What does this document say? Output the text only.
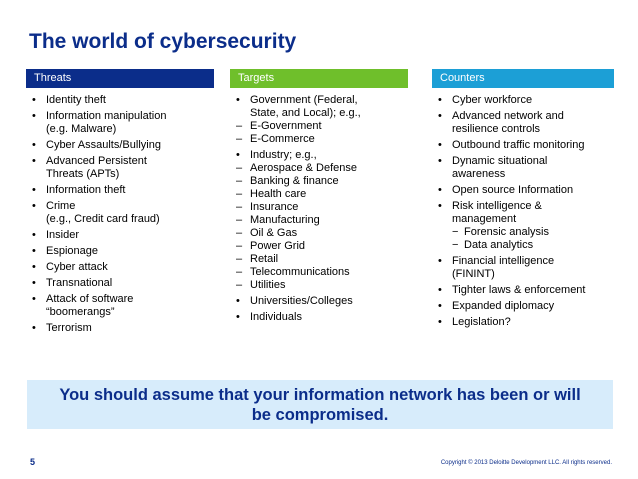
The world of cybersecurity
Threats
• Identity theft
• Information manipulation
(e.g. Malware)
• Cyber Assaults/Bullying
• Advanced Persistent
Threats (APTs)
• Information theft
• Crime
(e.g., Credit card fraud)
• Insider
• Espionage
• Cyber attack
• Transnational
• Attack of software
“boomerangs”
• Terrorism
Targets
• Government (Federal,
State, and Local); e.g.,
– E-Government
– E-Commerce
• Industry; e.g.,
– Aerospace & Defense
– Banking & finance
– Health care
– Insurance
– Manufacturing
– Oil & Gas
– Power Grid
– Retail
– Telecommunications
– Utilities
• Universities/Colleges
• Individuals
Counters
• Cyber workforce
• Advanced network and
resilience controls
• Outbound traffic monitoring
• Dynamic situational
awareness
• Open source Information
• Risk intelligence &
management
− Forensic analysis
− Data analytics
• Financial intelligence
(FININT)
• Tighter laws & enforcement
• Expanded diplomacy
• Legislation?
You should assume that your information network has been or will
be compromised.
5	Copyright © 2013 Deloitte Development LLC. All rights reserved.
